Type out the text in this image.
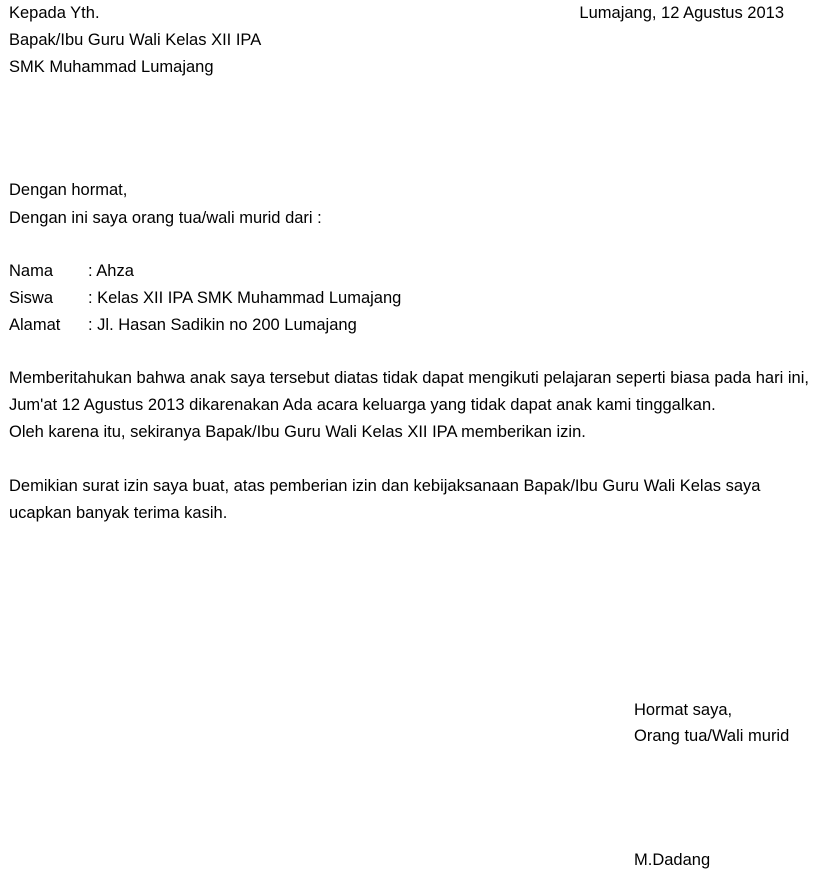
Kepada Yth.	Lumajang, 12 Agustus 2013
Bapak/Ibu Guru Wali Kelas XII IPA
SMK Muhammad Lumajang
Dengan hormat,
Dengan ini saya orang tua/wali murid dari :
Nama : Ahza
Siswa : Kelas XII IPA SMK Muhammad Lumajang
Alamat : Jl. Hasan Sadikin no 200 Lumajang
Memberitahukan bahwa anak saya tersebut diatas tidak dapat mengikuti pelajaran seperti biasa pada hari ini, Jum'at 12 Agustus 2013 dikarenakan Ada acara keluarga yang tidak dapat anak kami tinggalkan.
Oleh karena itu, sekiranya Bapak/Ibu Guru Wali Kelas XII IPA memberikan izin.
Demikian surat izin saya buat, atas pemberian izin dan kebijaksanaan Bapak/Ibu Guru Wali Kelas saya
ucapkan banyak terima kasih.
Hormat saya,
Orang tua/Wali murid
M.Dadang
